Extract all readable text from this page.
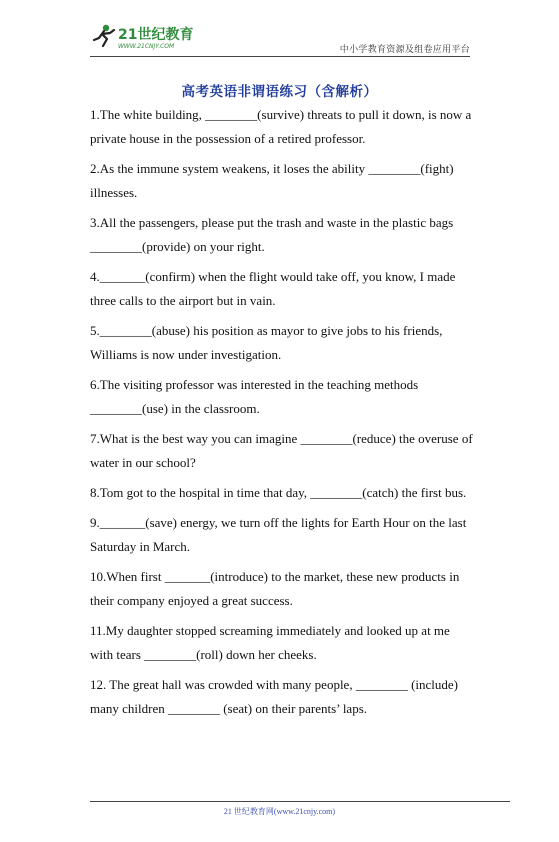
21世纪教育
WWW.21CNJY.COM	中小学教育资源及组卷应用平台
高考英语非谓语练习（含解析）

1.The white building, ________(survive) threats to pull it down, is now a private house in the possession of a retired professor.

2.As the immune system weakens, it loses the ability ________(fight) illnesses.

3.All the passengers, please put the trash and waste in the plastic bags ________(provide) on your right.

4._______(confirm) when the flight would take off, you know, I made three calls to the airport but in vain.

5.________(abuse) his position as mayor to give jobs to his friends, Williams is now under investigation.

6.The visiting professor was interested in the teaching methods ________(use) in the classroom.

7.What is the best way you can imagine ________(reduce) the overuse of water in our school?

8.Tom got to the hospital in time that day, ________(catch) the first bus.

9._______(save) energy, we turn off the lights for Earth Hour on the last Saturday in March.

10.When first _______(introduce) to the market, these new products in their company enjoyed a great success.

11.My daughter stopped screaming immediately and looked up at me with tears ________(roll) down her cheeks.

12. The great hall was crowded with many people, ________ (include) many children ________ (seat) on their parents’ laps.

21 世纪教育网(www.21cnjy.com)
